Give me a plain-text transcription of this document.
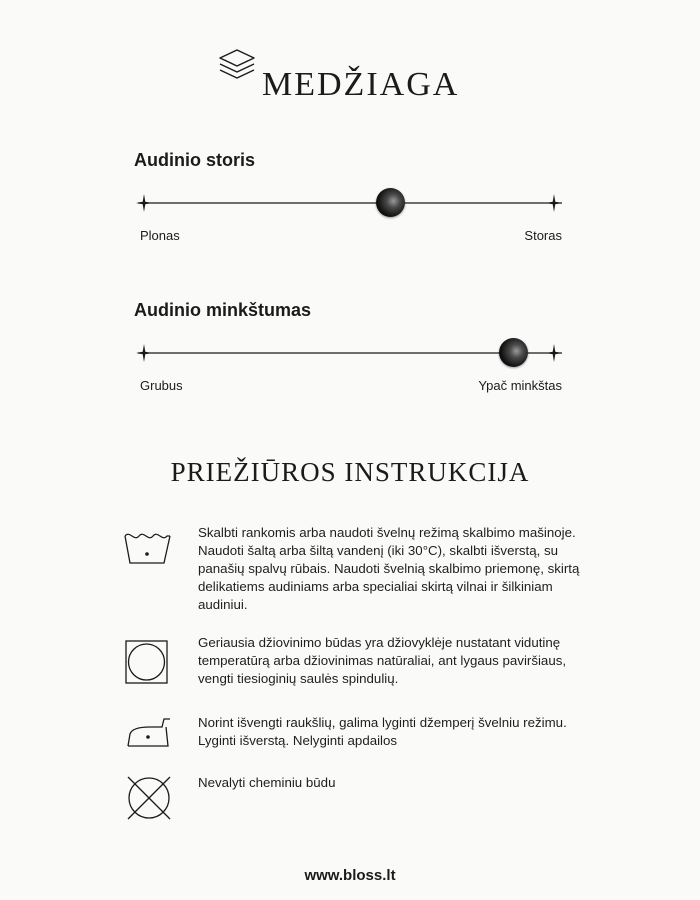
MEDŽIAGA
Audinio storis
Plonas	Storas
Audinio minkštumas
Grubus	Ypač minkštas
PRIEŽIŪROS INSTRUKCIJA

Skalbti rankomis arba naudoti švelnų režimą skalbimo mašinoje. Naudoti šaltą arba šiltą vandenį (iki 30°C), skalbti išverstą, su panašių spalvų rūbais. Naudoti švelnią skalbimo priemonę, skirtą delikatiems audiniams arba specialiai skirtą vilnai ir šilkiniam audiniui.

Geriausia džiovinimo būdas yra džiovyklėje nustatant vidutinę temperatūrą arba džiovinimas natūraliai, ant lygaus paviršiaus, vengti tiesioginių saulės spindulių.

Norint išvengti raukšlių, galima lyginti džemperį švelniu režimu. Lyginti išverstą. Nelyginti apdailos

Nevalyti cheminiu būdu

www.bloss.lt
